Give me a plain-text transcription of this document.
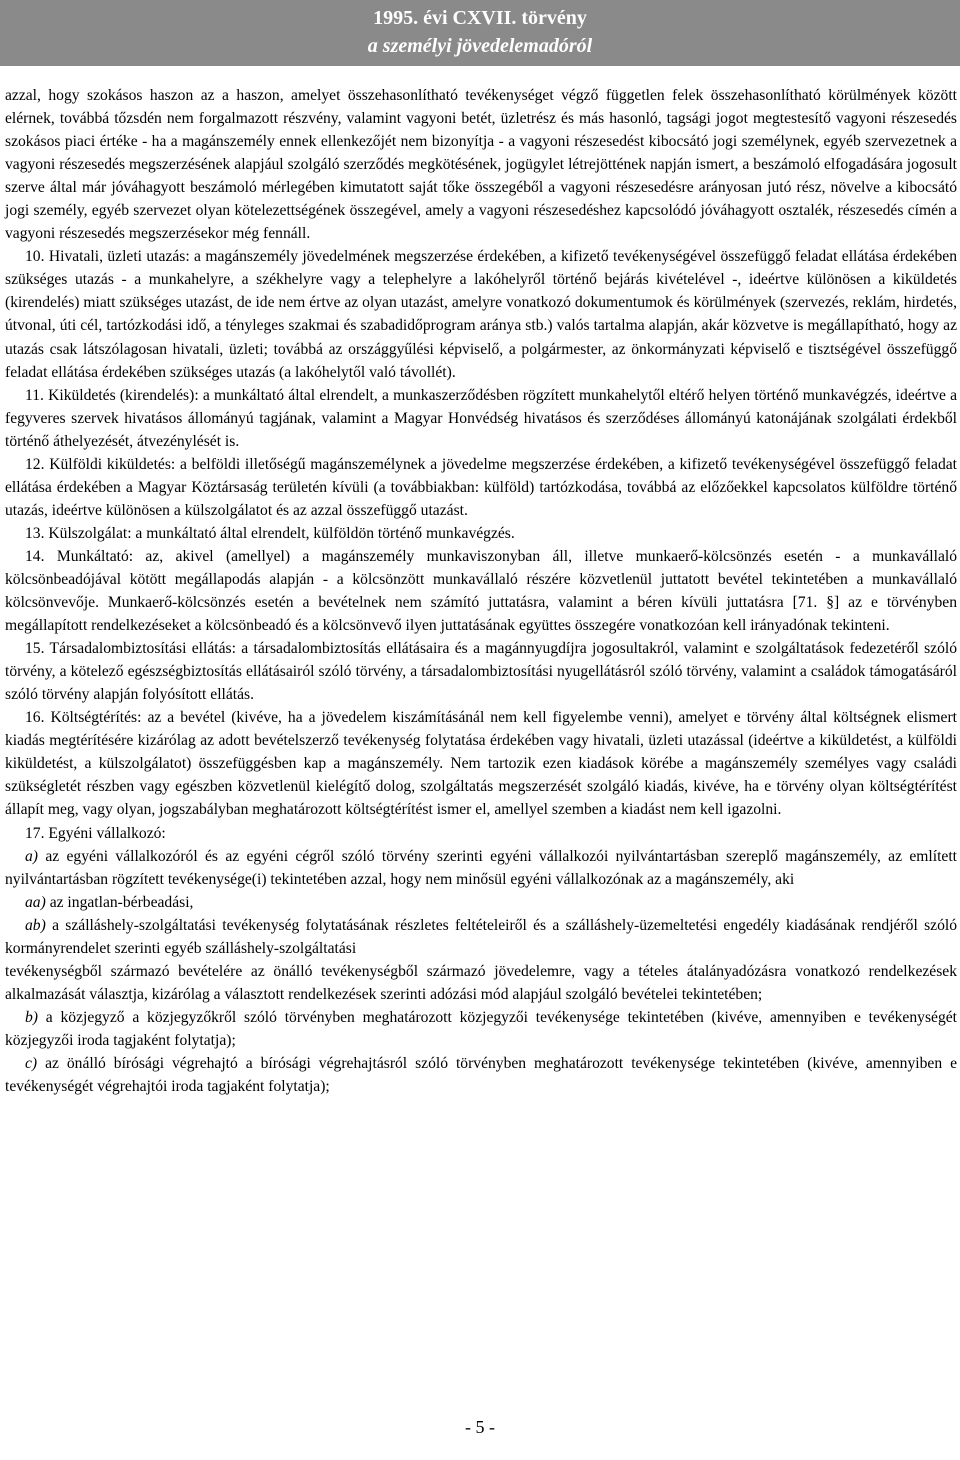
1995. évi CXVII. törvény
a személyi jövedelemadóról

azzal, hogy szokásos haszon az a haszon, amelyet összehasonlítható tevékenységet végző független felek összehasonlítható körülmények között elérnek, továbbá tőzsdén nem forgalmazott részvény, valamint vagyoni betét, üzletrész és más hasonló, tagsági jogot megtestesítő vagyoni részesedés szokásos piaci értéke - ha a magánszemély ennek ellenkezőjét nem bizonyítja - a vagyoni részesedést kibocsátó jogi személynek, egyéb szervezetnek a vagyoni részesedés megszerzésének alapjául szolgáló szerződés megkötésének, jogügylet létrejöttének napján ismert, a beszámoló elfogadására jogosult szerve által már jóváhagyott beszámoló mérlegében kimutatott saját tőke összegéből a vagyoni részesedésre arányosan jutó rész, növelve a kibocsátó jogi személy, egyéb szervezet olyan kötelezettségének összegével, amely a vagyoni részesedéshez kapcsolódó jóváhagyott osztalék, részesedés címén a vagyoni részesedés megszerzésekor még fennáll.

10. Hivatali, üzleti utazás: a magánszemély jövedelmének megszerzése érdekében, a kifizető tevékenységével összefüggő feladat ellátása érdekében szükséges utazás - a munkahelyre, a székhelyre vagy a telephelyre a lakóhelyről történő bejárás kivételével -, ideértve különösen a kiküldetés (kirendelés) miatt szükséges utazást, de ide nem értve az olyan utazást, amelyre vonatkozó dokumentumok és körülmények (szervezés, reklám, hirdetés, útvonal, úti cél, tartózkodási idő, a tényleges szakmai és szabadidőprogram aránya stb.) valós tartalma alapján, akár közvetve is megállapítható, hogy az utazás csak látszólagosan hivatali, üzleti; továbbá az országgyűlési képviselő, a polgármester, az önkormányzati képviselő e tisztségével összefüggő feladat ellátása érdekében szükséges utazás (a lakóhelytől való távollét).

11. Kiküldetés (kirendelés): a munkáltató által elrendelt, a munkaszerződésben rögzített munkahelytől eltérő helyen történő munkavégzés, ideértve a fegyveres szervek hivatásos állományú tagjának, valamint a Magyar Honvédség hivatásos és szerződéses állományú katonájának szolgálati érdekből történő áthelyezését, átvezénylését is.

12. Külföldi kiküldetés: a belföldi illetőségű magánszemélynek a jövedelme megszerzése érdekében, a kifizető tevékenységével összefüggő feladat ellátása érdekében a Magyar Köztársaság területén kívüli (a továbbiakban: külföld) tartózkodása, továbbá az előzőekkel kapcsolatos külföldre történő utazás, ideértve különösen a külszolgálatot és az azzal összefüggő utazást.

13. Külszolgálat: a munkáltató által elrendelt, külföldön történő munkavégzés.

14. Munkáltató: az, akivel (amellyel) a magánszemély munkaviszonyban áll, illetve munkaerő-kölcsönzés esetén - a munkavállaló kölcsönbeadójával kötött megállapodás alapján - a kölcsönzött munkavállaló részére közvetlenül juttatott bevétel tekintetében a munkavállaló kölcsönvevője. Munkaerő-kölcsönzés esetén a bevételnek nem számító juttatásra, valamint a béren kívüli juttatásra [71. §] az e törvényben megállapított rendelkezéseket a kölcsönbeadó és a kölcsönvevő ilyen juttatásának együttes összegére vonatkozóan kell irányadónak tekinteni.

15. Társadalombiztosítási ellátás: a társadalombiztosítás ellátásaira és a magánnyugdíjra jogosultakról, valamint e szolgáltatások fedezetéről szóló törvény, a kötelező egészségbiztosítás ellátásairól szóló törvény, a társadalombiztosítási nyugellátásról szóló törvény, valamint a családok támogatásáról szóló törvény alapján folyósított ellátás.

16. Költségtérítés: az a bevétel (kivéve, ha a jövedelem kiszámításánál nem kell figyelembe venni), amelyet e törvény által költségnek elismert kiadás megtérítésére kizárólag az adott bevételszerző tevékenység folytatása érdekében vagy hivatali, üzleti utazással (ideértve a kiküldetést, a külföldi kiküldetést, a külszolgálatot) összefüggésben kap a magánszemély. Nem tartozik ezen kiadások körébe a magánszemély személyes vagy családi szükségletét részben vagy egészben közvetlenül kielégítő dolog, szolgáltatás megszerzését szolgáló kiadás, kivéve, ha e törvény olyan költségtérítést állapít meg, vagy olyan, jogszabályban meghatározott költségtérítést ismer el, amellyel szemben a kiadást nem kell igazolni.

17. Egyéni vállalkozó:

a) az egyéni vállalkozóról és az egyéni cégről szóló törvény szerinti egyéni vállalkozói nyilvántartásban szereplő magánszemély, az említett nyilvántartásban rögzített tevékenysége(i) tekintetében azzal, hogy nem minősül egyéni vállalkozónak az a magánszemély, aki

aa) az ingatlan-bérbeadási,

ab) a szálláshely-szolgáltatási tevékenység folytatásának részletes feltételeiről és a szálláshely-üzemeltetési engedély kiadásának rendjéről szóló kormányrendelet szerinti egyéb szálláshely-szolgáltatási

tevékenységből származó bevételére az önálló tevékenységből származó jövedelemre, vagy a tételes átalányadózásra vonatkozó rendelkezések alkalmazását választja, kizárólag a választott rendelkezések szerinti adózási mód alapjául szolgáló bevételei tekintetében;

b) a közjegyző a közjegyzőkről szóló törvényben meghatározott közjegyzői tevékenysége tekintetében (kivéve, amennyiben e tevékenységét közjegyzői iroda tagjaként folytatja);

c) az önálló bírósági végrehajtó a bírósági végrehajtásról szóló törvényben meghatározott tevékenysége tekintetében (kivéve, amennyiben e tevékenységét végrehajtói iroda tagjaként folytatja);

- 5 -
